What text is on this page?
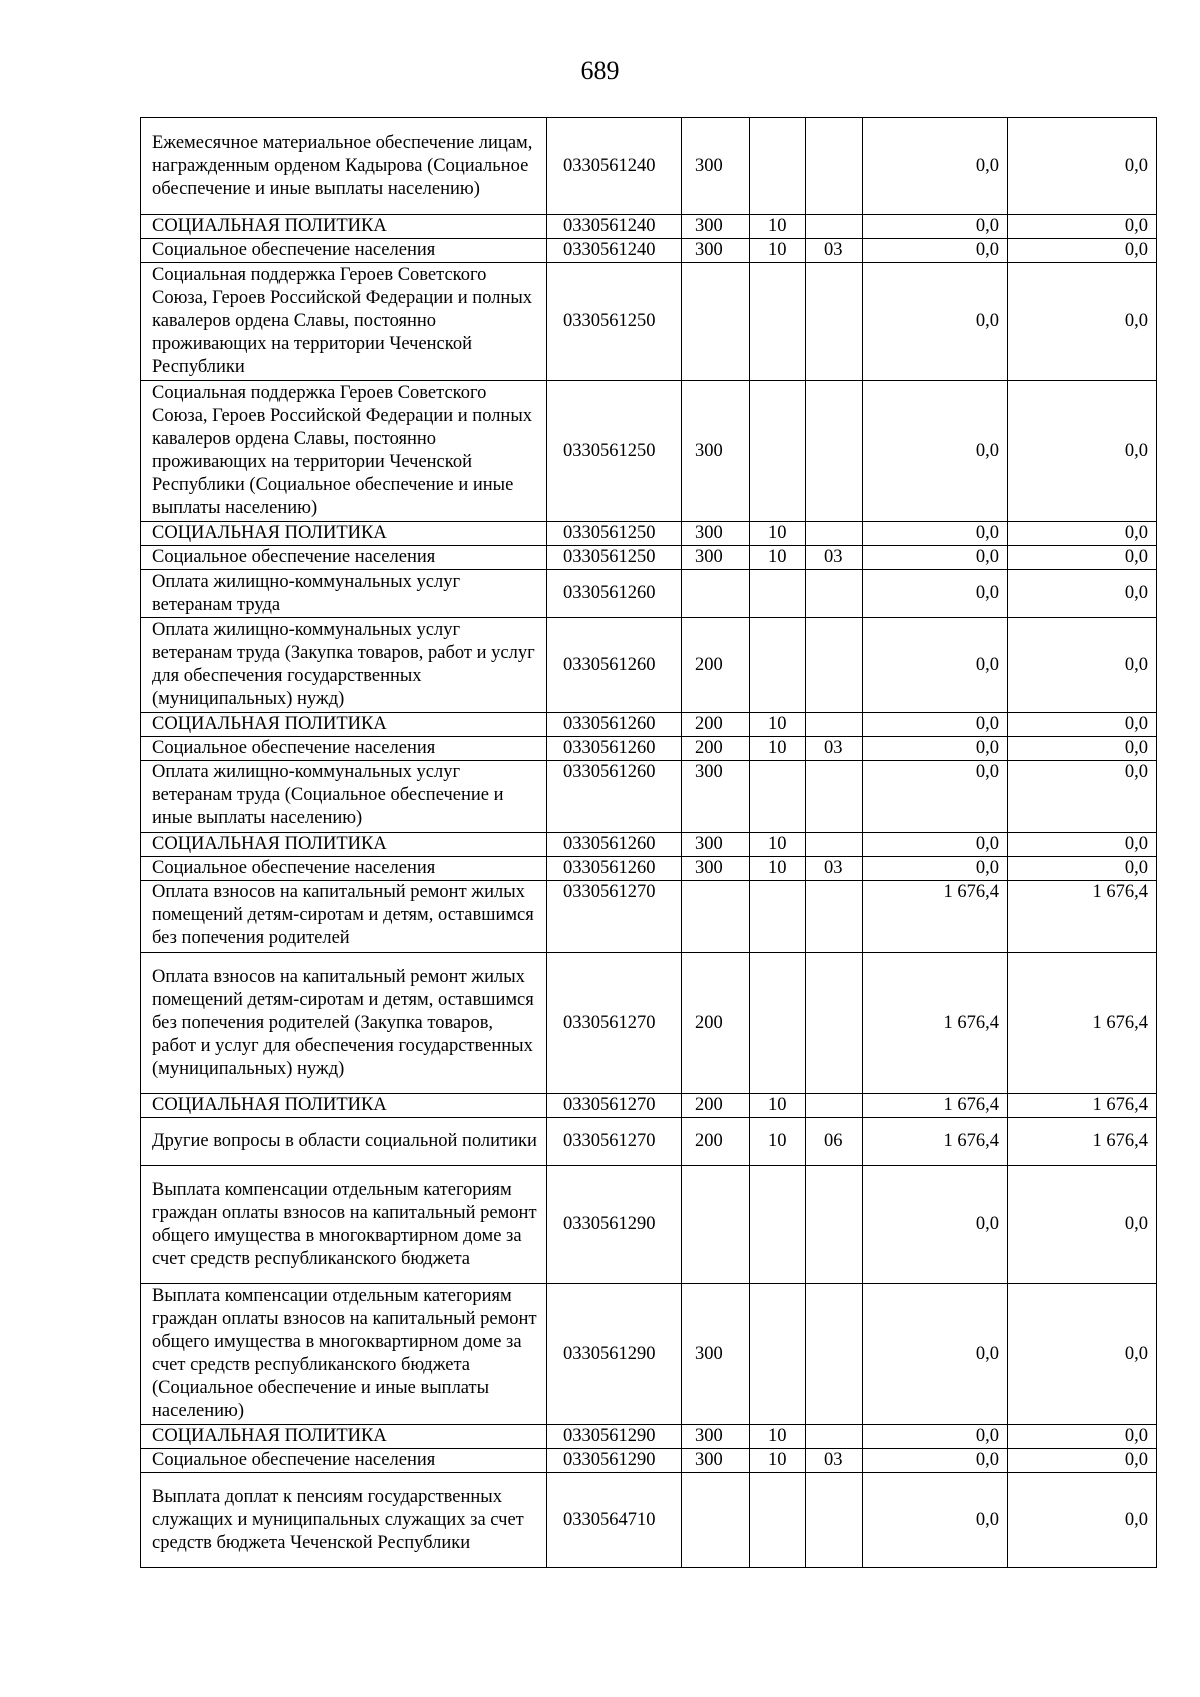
689
Ежемесячное материальное обеспечение лицам, награжденным орденом Кадырова (Социальное обеспечение и иные выплаты населению)	0330561240	300			0,0	0,0
СОЦИАЛЬНАЯ ПОЛИТИКА	0330561240	300	10		0,0	0,0
Социальное обеспечение населения	0330561240	300	10	03	0,0	0,0
Социальная поддержка Героев Советского Союза, Героев Российской Федерации и полных кавалеров ордена Славы, постоянно проживающих на территории Чеченской Республики	0330561250				0,0	0,0
Социальная поддержка Героев Советского Союза, Героев Российской Федерации и полных кавалеров ордена Славы, постоянно проживающих на территории Чеченской Республики (Социальное обеспечение и иные выплаты населению)	0330561250	300			0,0	0,0
СОЦИАЛЬНАЯ ПОЛИТИКА	0330561250	300	10		0,0	0,0
Социальное обеспечение населения	0330561250	300	10	03	0,0	0,0
Оплата жилищно-коммунальных услуг ветеранам труда	0330561260				0,0	0,0
Оплата жилищно-коммунальных услуг ветеранам труда (Закупка товаров, работ и услуг для обеспечения государственных (муниципальных) нужд)	0330561260	200			0,0	0,0
СОЦИАЛЬНАЯ ПОЛИТИКА	0330561260	200	10		0,0	0,0
Социальное обеспечение населения	0330561260	200	10	03	0,0	0,0
Оплата жилищно-коммунальных услуг ветеранам труда (Социальное обеспечение и иные выплаты населению)	0330561260	300			0,0	0,0
СОЦИАЛЬНАЯ ПОЛИТИКА	0330561260	300	10		0,0	0,0
Социальное обеспечение населения	0330561260	300	10	03	0,0	0,0
Оплата взносов на капитальный ремонт жилых помещений детям-сиротам и детям, оставшимся без попечения родителей	0330561270				1 676,4	1 676,4
Оплата взносов на капитальный ремонт жилых помещений детям-сиротам и детям, оставшимся без попечения родителей (Закупка товаров, работ и услуг для обеспечения государственных (муниципальных) нужд)	0330561270	200			1 676,4	1 676,4
СОЦИАЛЬНАЯ ПОЛИТИКА	0330561270	200	10		1 676,4	1 676,4
Другие вопросы в области социальной политики	0330561270	200	10	06	1 676,4	1 676,4
Выплата компенсации отдельным категориям граждан оплаты взносов на капитальный ремонт общего имущества в многоквартирном доме за счет средств республиканского бюджета	0330561290				0,0	0,0
Выплата компенсации отдельным категориям граждан оплаты взносов на капитальный ремонт общего имущества в многоквартирном доме за счет средств республиканского бюджета (Социальное обеспечение и иные выплаты населению)	0330561290	300			0,0	0,0
СОЦИАЛЬНАЯ ПОЛИТИКА	0330561290	300	10		0,0	0,0
Социальное обеспечение населения	0330561290	300	10	03	0,0	0,0
Выплата доплат к пенсиям государственных служащих и муниципальных служащих за счет средств бюджета Чеченской Республики	0330564710				0,0	0,0
